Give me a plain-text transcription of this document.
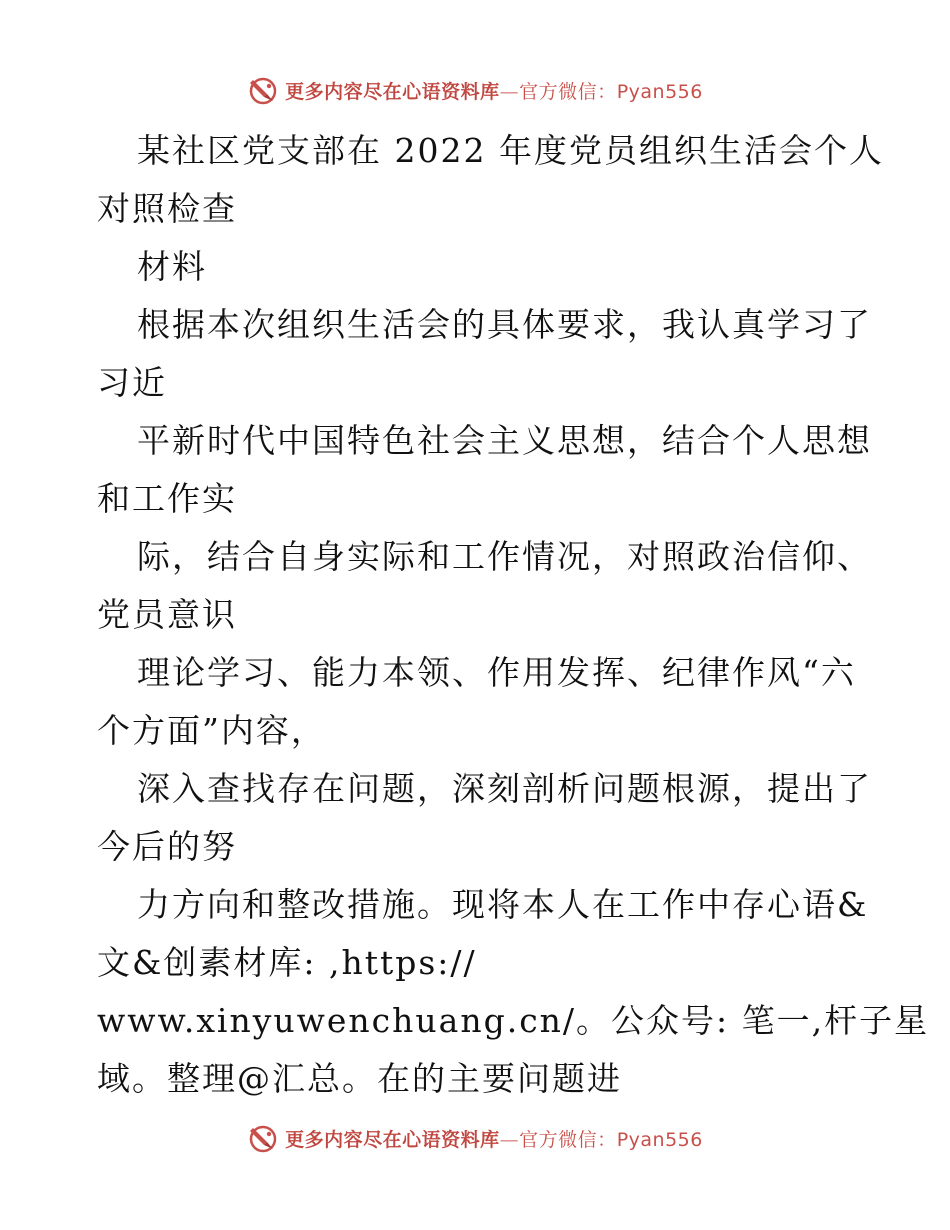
更多内容尽在心语资料库—官方微信：Pyan556
某社区党支部在 2022 年度党员组织生活会个人
对照检查
材料
根据本次组织生活会的具体要求，我认真学习了
习近
平新时代中国特色社会主义思想，结合个人思想
和工作实
际，结合自身实际和工作情况，对照政治信仰、
党员意识
理论学习、能力本领、作用发挥、纪律作风“六
个方面”内容，
深入查找存在问题，深刻剖析问题根源，提出了
今后的努
力方向和整改措施。现将本人在工作中存心语&
文&创素材库: ,https://
www.xinyuwenchuang.cn/。公众号: 笔一,杆子星
域。整理@汇总。在的主要问题进
更多内容尽在心语资料库—官方微信：Pyan556
